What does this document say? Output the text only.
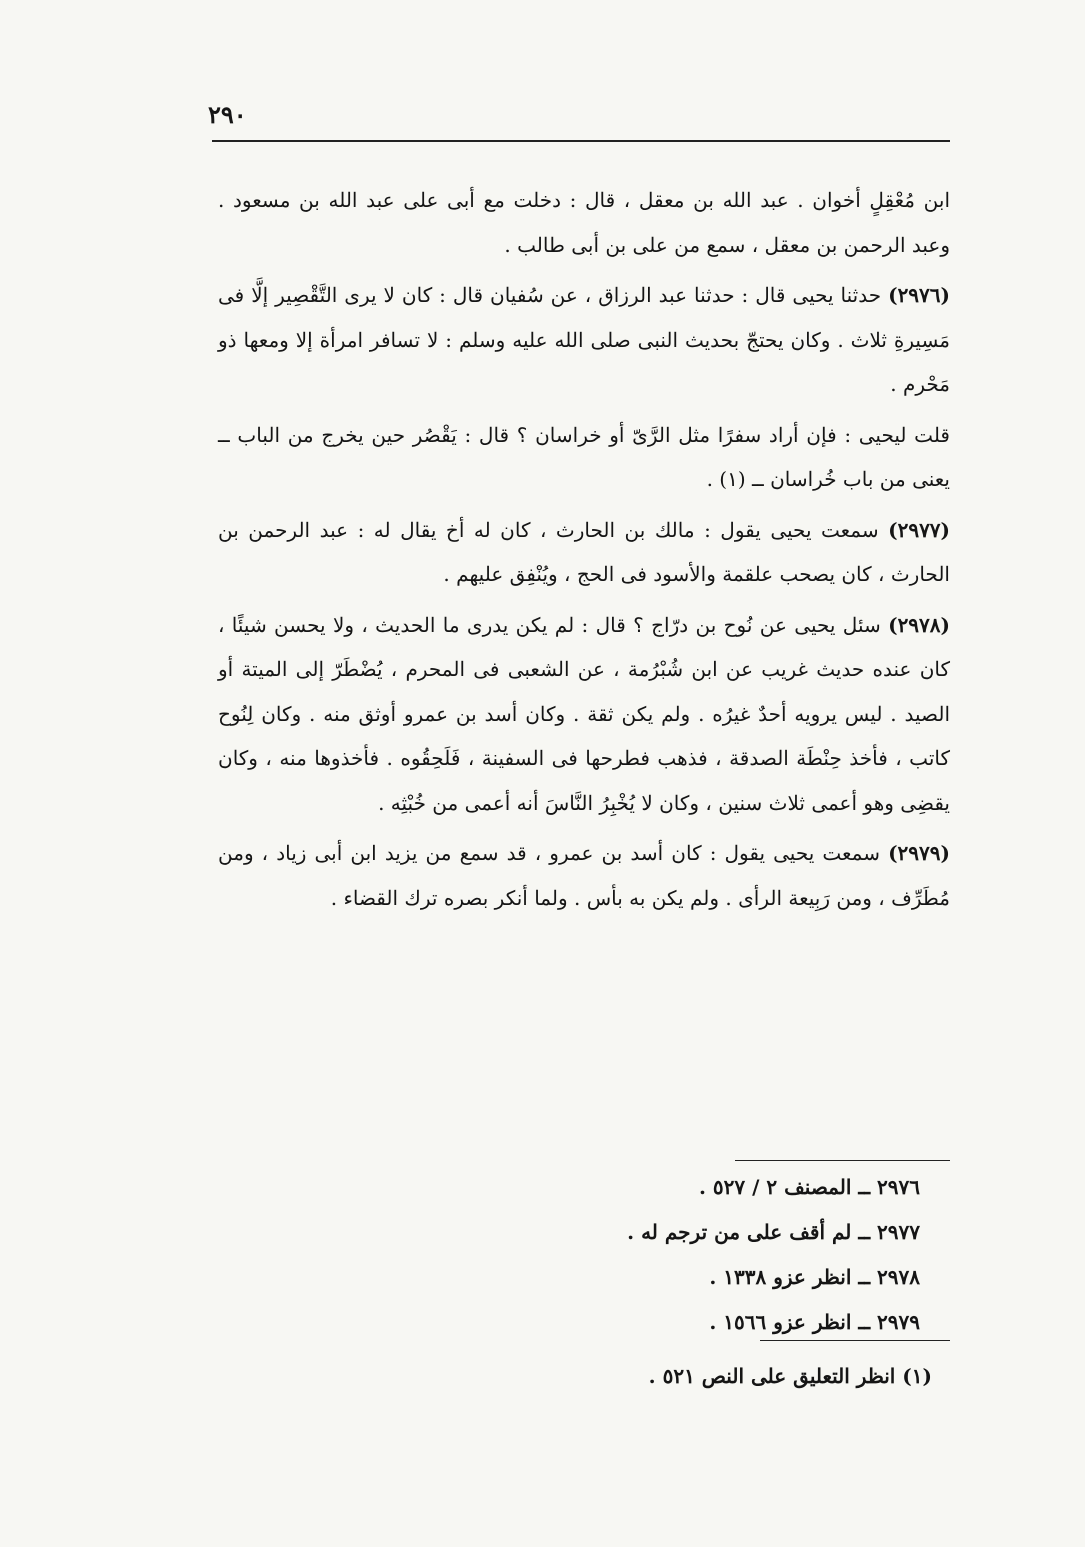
٢٩٠
ابن مُعْقِلٍ أخوان . عبد الله بن معقل ، قال : دخلت مع أبى على عبد الله بن مسعود . وعبد الرحمن بن معقل ، سمع من على بن أبى طالب .
(٢٩٧٦) حدثنا يحيى قال : حدثنا عبد الرزاق ، عن سُفيان قال : كان لا يرى التَّقْصِير إلَّا فى مَسِيرةِ ثلاث . وكان يحتجّ بحديث النبى صلى الله عليه وسلم : لا تسافر امرأة إلا ومعها ذو مَحْرم .
قلت ليحيى : فإن أراد سفرًا مثل الرَّىّ أو خراسان ؟ قال : يَقْصُر حين يخرج من الباب ــ يعنى من باب خُراسان ــ (١) .
(٢٩٧٧) سمعت يحيى يقول : مالك بن الحارث ، كان له أخ يقال له : عبد الرحمن بن الحارث ، كان يصحب علقمة والأسود فى الحج ، ويُنْفِق عليهم .
(٢٩٧٨) سئل يحيى عن نُوح بن درّاج ؟ قال : لم يكن يدرى ما الحديث ، ولا يحسن شيئًا ، كان عنده حديث غريب عن ابن شُبْرُمة ، عن الشعبى فى المحرم ، يُضْطَرّ إلى الميتة أو الصيد . ليس يرويه أحدٌ غيرُه . ولم يكن ثقة . وكان أسد بن عمرو أوثق منه . وكان لِنُوح كاتب ، فأخذ حِنْطَة الصدقة ، فذهب فطرحها فى السفينة ، فَلَحِقُوه . فأخذوها منه ، وكان يقضِى وهو أعمى ثلاث سنين ، وكان لا يُخْبِرُ النَّاسَ أنه أعمى من خُبْثِه .
(٢٩٧٩) سمعت يحيى يقول : كان أسد بن عمرو ، قد سمع من يزيد ابن أبى زياد ، ومن مُطَرِّف ، ومن رَبِيعة الرأى . ولم يكن به بأس . ولما أنكر بصره ترك القضاء .
٢٩٧٦ ــ المصنف ٢ / ٥٢٧ .
٢٩٧٧ ــ لم أقف على من ترجم له .
٢٩٧٨ ــ انظر عزو ١٣٣٨ .
٢٩٧٩ ــ انظر عزو ١٥٦٦ .
(١) انظر التعليق على النص ٥٢١ .
